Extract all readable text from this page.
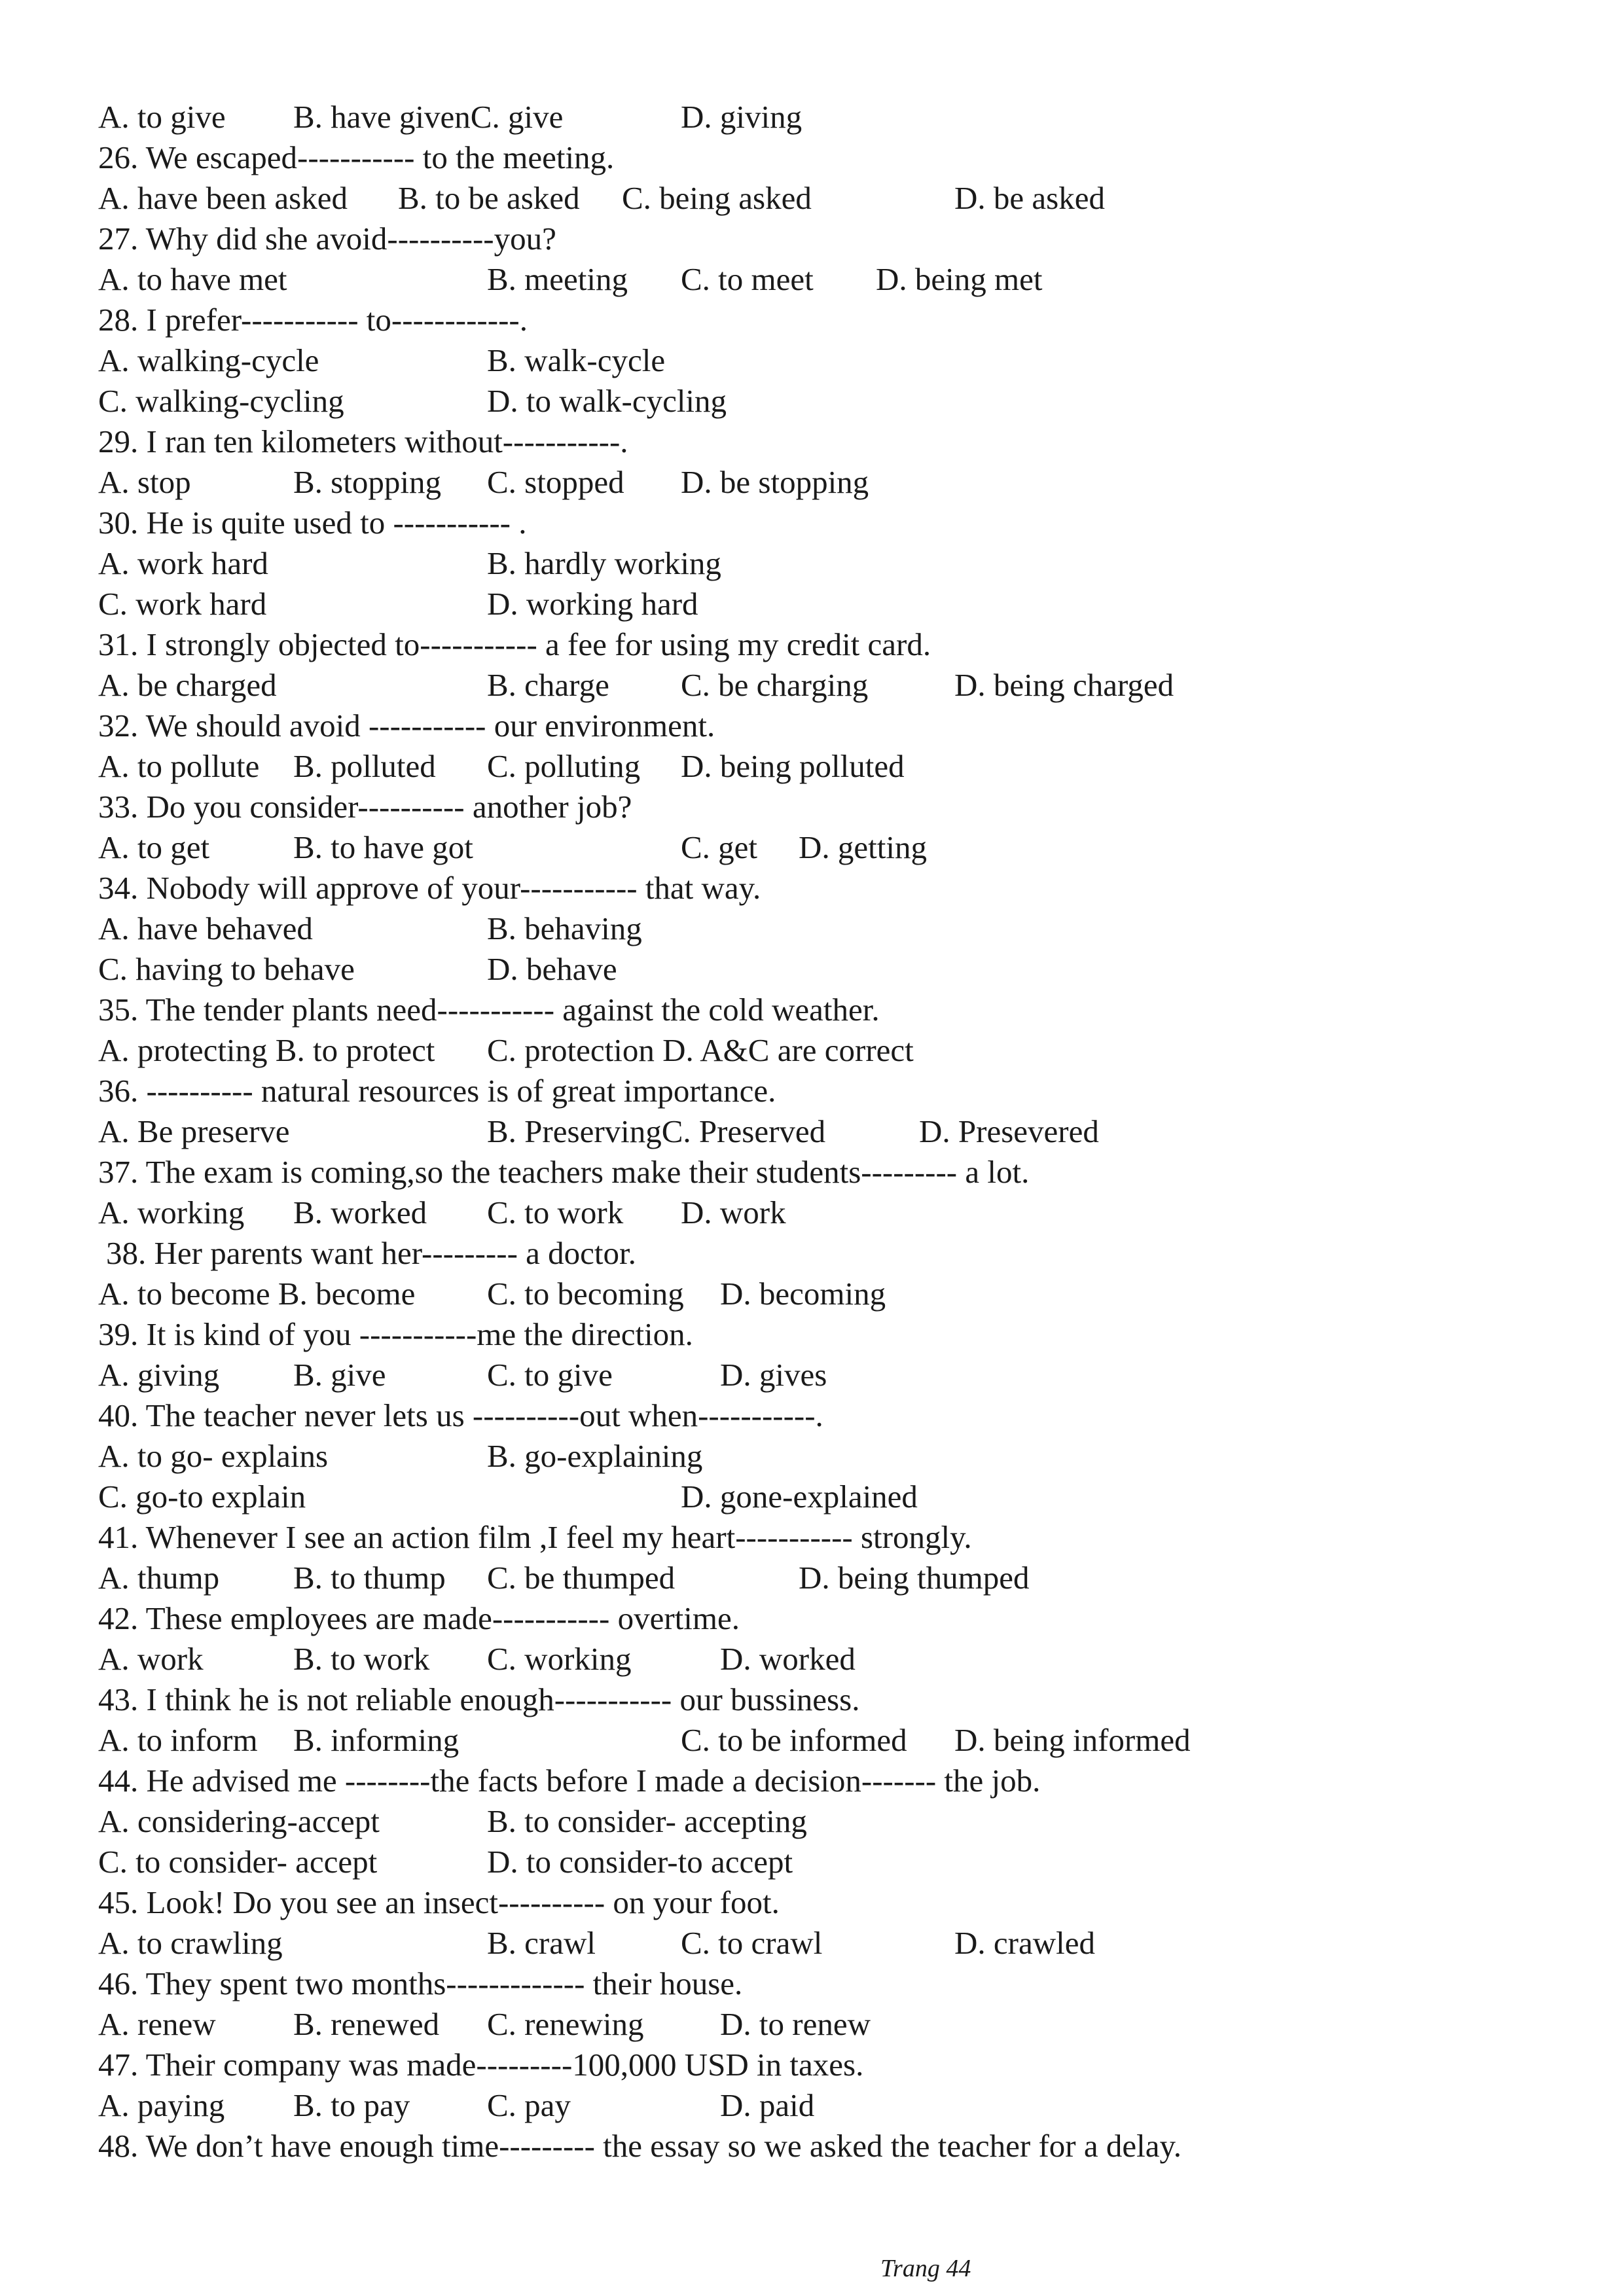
A. to give B. have givenC. give	D. giving
26. We escaped----------- to the meeting.
A. have been asked B. to be asked C. being asked	D. be asked
27. Why did she avoid----------you?
A. to have met	B. meeting C. to meet D. being met
28. I prefer----------- to------------.
A. walking-cycle	B. walk-cycle
C. walking-cycling	D. to walk-cycling
29. I ran ten kilometers without-----------.
A. stop	B. stopping C. stopped D. be stopping
30. He is quite used to ----------- .
A. work hard	B. hardly working
C. work hard	D. working hard
31. I strongly objected to----------- a fee for using my credit card.
A. be charged	B. charge C. be charging	D. being charged
32. We should avoid ----------- our environment.
A. to pollute B. polluted C. polluting D. being polluted
33. Do you consider---------- another job?
A. to get	B. to have got	C. get D. getting
34. Nobody will approve of your----------- that way.
A. have behaved	B. behaving
C. having to behave	D. behave
35. The tender plants need----------- against the cold weather.
A. protecting B. to protect C. protection D. A&C are correct
36. ---------- natural resources is of great importance.
A. Be preserve	B. PreservingC. Preserved	D. Presevered
37. The exam is coming,so the teachers make their students--------- a lot.
A. working B. worked C. to work D. work
38. Her parents want her--------- a doctor.
A. to become B. become C. to becoming D. becoming
39. It is kind of you -----------me the direction.
A. giving B. give	C. to give	D. gives
40. The teacher never lets us ----------out when-----------.
A. to go- explains	B. go-explaining
C. go-to explain	D. gone-explained
41. Whenever I see an action film ,I feel my heart----------- strongly.
A. thump B. to thump C. be thumped	D. being thumped
42. These employees are made----------- overtime.
A. work	B. to work C. working	D. worked
43. I think he is not reliable enough----------- our bussiness.
A. to inform B. informing	C. to be informed D. being informed
44. He advised me --------the facts before I made a decision------- the job.
A. considering-accept	B. to consider- accepting
C. to consider- accept	D. to consider-to accept
45. Look! Do you see an insect---------- on your foot.
A. to crawling	B. crawl	C. to crawl	D. crawled
46. They spent two months------------- their house.
A. renew B. renewed C. renewing D. to renew
47. Their company was made---------100,000 USD in taxes.
A. paying B. to pay C. pay	D. paid
48. We don’t have enough time--------- the essay so we asked the teacher for a delay.
Trang 44
